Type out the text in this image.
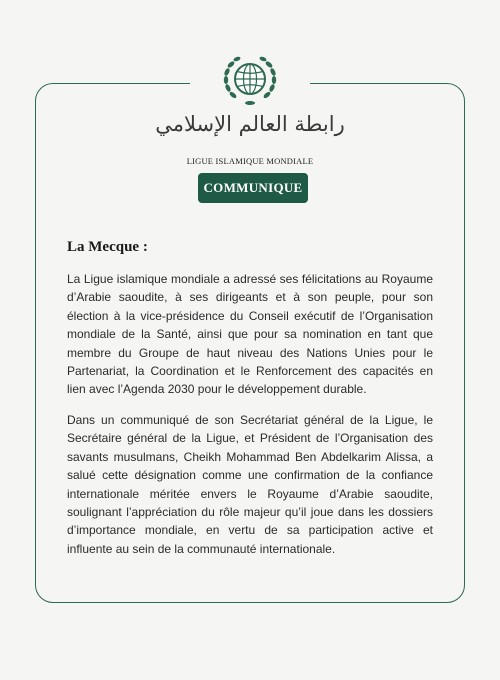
رابطة العالم الإسلامي
LIGUE ISLAMIQUE MONDIALE
COMMUNIQUE
La Mecque :

La Ligue islamique mondiale a adressé ses félicitations au Royaume d’Arabie saoudite, à ses dirigeants et à son peuple, pour son élection à la vice-présidence du Conseil exécutif de l’Organisation mondiale de la Santé, ainsi que pour sa nomination en tant que membre du Groupe de haut niveau des Nations Unies pour le Partenariat, la Coordination et le Renforcement des capacités en lien avec l’Agenda 2030 pour le développement durable.

Dans un communiqué de son Secrétariat général de la Ligue, le Secrétaire général de la Ligue, et Président de l’Organisation des savants musulmans, Cheikh Mohammad Ben Abdelkarim Alissa, a salué cette désignation comme une confirmation de la confiance internationale méritée envers le Royaume d’Arabie saoudite, soulignant l’appréciation du rôle majeur qu’il joue dans les dossiers d’importance mondiale, en vertu de sa participation active et influente au sein de la communauté internationale.
